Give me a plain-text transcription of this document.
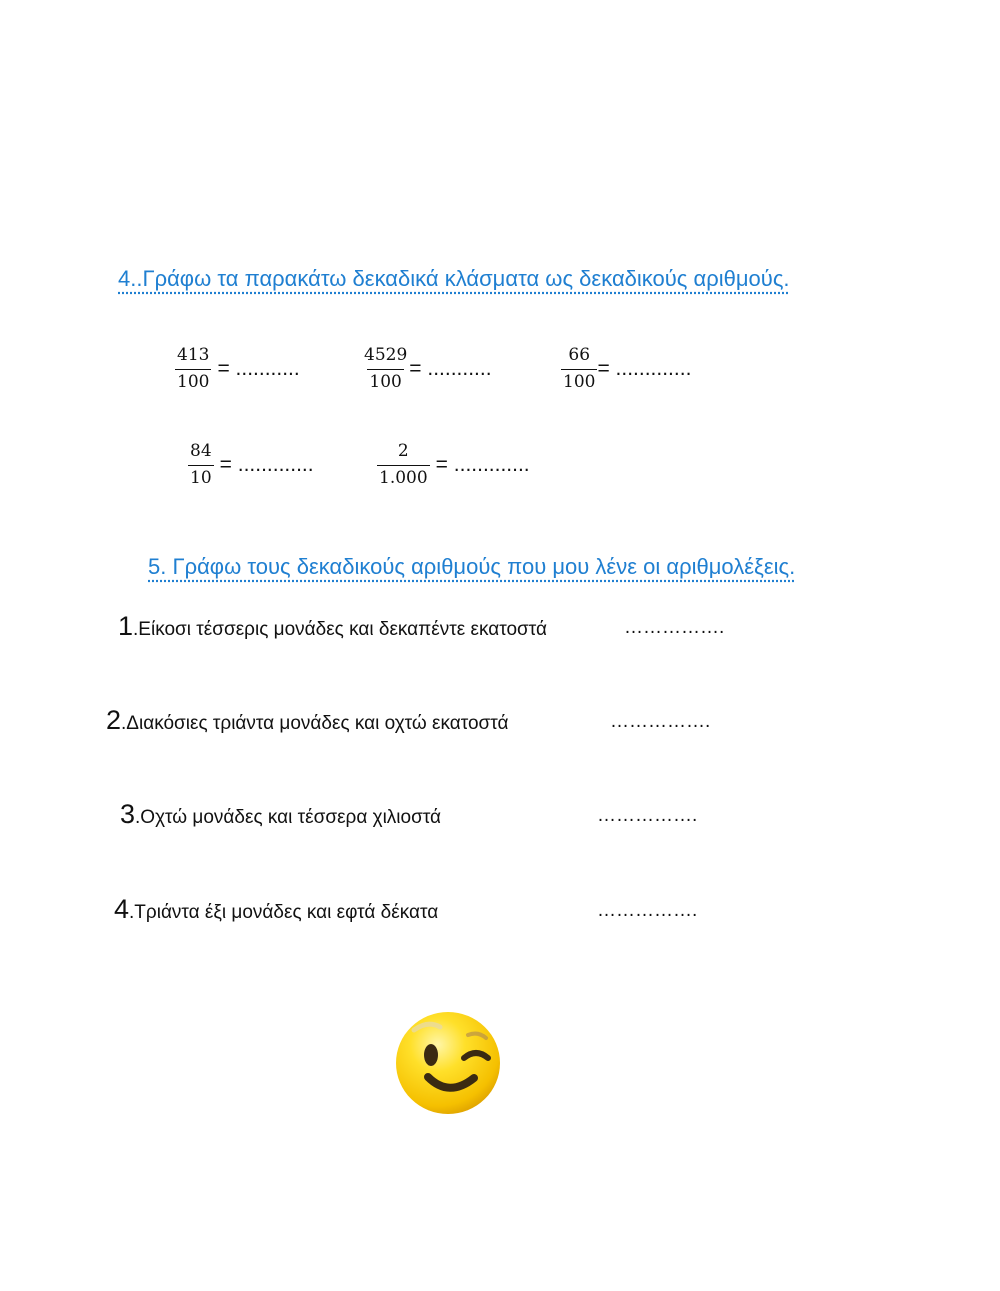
4..Γράφω τα παρακάτω δεκαδικά κλάσματα ως δεκαδικούς αριθμούς.
$\frac{413}{100}$ = ...........	$\frac{4529}{100}$ = ...........	$\frac{66}{100}$ = .............
$\frac{84}{10}$ = .............	$\frac{2}{1.000}$ = .............
5. Γράφω τους δεκαδικούς αριθμούς που μου λένε οι αριθμολέξεις.
1 .Είκοσι τέσσερις μονάδες και δεκαπέντε εκατοστά	…………….
2 .Διακόσιες τριάντα μονάδες και οχτώ εκατοστά	…………….
3 .Οχτώ μονάδες και τέσσερα χιλιοστά	…………….
4 .Τριάντα έξι μονάδες και εφτά δέκατα	…………….
